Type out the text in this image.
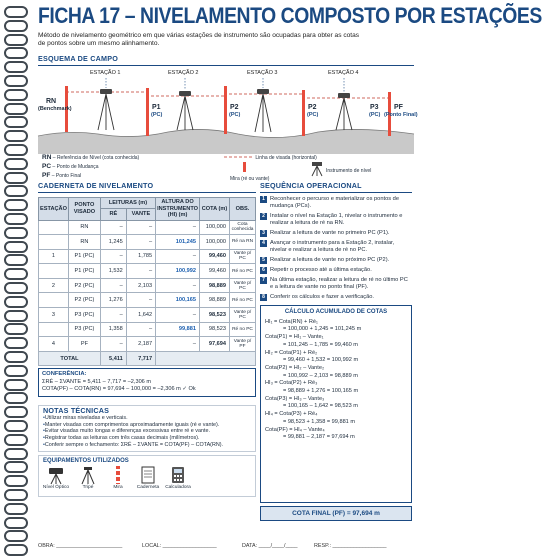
FICHA 17 – NIVELAMENTO COMPOSTO POR ESTAÇÕES
Método de nivelamento geométrico em que várias estações de instrumento são ocupadas para obter as cotas de pontos sobre um mesmo alinhamento.
ESQUEMA DE CAMPO
ESTAÇÃO 1	ESTAÇÃO 2	ESTAÇÃO 3	ESTAÇÃO 4
RN
(Benchmark)	P1
(PC)
P2
(PC)
P2
(PC)
P3
(PC)
PF
(Ponto Final)
RN – Referência de Nível (cota conhecida)
PC – Ponto de Mudança
PF – Ponto Final
Linha de visada (horizontal)
Mira (ré ou vante)
Instrumento de nível
CADERNETA DE NIVELAMENTO
ESTAÇÃO	PONTO VISADO	LEITURAS (m)		ALTURA DO INSTRUMENTO (HI) (m)	COTA (m)	OBS.
		RÉ	VANTE			
	RN	–	–	–	100,000	Cota conhecida
	RN	1,245	–	101,245	100,000	Ré na RN
1	P1 (PC)	–	1,785	–	99,460	Vante p/ PC
	P1 (PC)	1,532	–	100,992	99,460	Ré no PC
2	P2 (PC)	–	2,103	–	98,889	Vante p/ PC
	P2 (PC)	1,276	–	100,165	98,889	Ré no PC
3	P3 (PC)	–	1,642	–	98,523	Vante p/ PC
	P3 (PC)	1,358	–	99,881	98,523	Ré no PC
4	PF	–	2,187	–	97,694	Vante p/ PF
TOTAL		5,411	7,717			
CONFERÊNCIA:
ΣRÉ – ΣVANTE = 5,411 – 7,717 = –2,306 m
COTA(PF) – COTA(RN) = 97,694 – 100,000 = –2,306 m ✓ Ok
NOTAS TÉCNICAS
• Utilizar miras niveladas e verticais.
• Manter visadas com comprimentos aproximadamente iguais (ré e vante).
• Evitar visadas muito longas e diferenças excessivas entre ré e vante.
• Registrar todas as leituras com três casas decimais (milímetros).
• Conferir sempre o fechamento: ΣRÉ – ΣVANTE = COTA(PF) – COTA(RN).
EQUIPAMENTOS UTILIZADOS
Nível Óptico	Tripé	Mira	Caderneta	Calculadora
SEQUÊNCIA OPERACIONAL
1 Reconhecer o percurso e materializar os pontos de mudança (PCs).
2 Instalar o nível na Estação 1, nivelar o instrumento e realizar a leitura de ré na RN.
3 Realizar a leitura de vante no primeiro PC (P1).
4 Avançar o instrumento para a Estação 2, instalar, nivelar e realizar a leitura de ré no PC.
5 Realizar a leitura de vante no próximo PC (P2).
6 Repetir o processo até a última estação.
7 Na última estação, realizar a leitura de ré no último PC e a leitura de vante no ponto final (PF).
8 Conferir os cálculos e fazer a verificação.
CÁLCULO ACUMULADO DE COTAS
HI₁ = Cota(RN) + Ré₁
= 100,000 + 1,245 = 101,245 m
Cota(P1) = HI₁ – Vante₁
= 101,245 – 1,785 = 99,460 m
HI₂ = Cota(P1) + Ré₂
= 99,460 + 1,532 = 100,992 m
Cota(P2) = HI₂ – Vante₂
= 100,992 – 2,103 = 98,889 m
HI₃ = Cota(P2) + Ré₃
= 98,889 + 1,276 = 100,165 m
Cota(P3) = HI₃ – Vante₃
= 100,165 – 1,642 = 98,523 m
HI₄ = Cota(P3) + Ré₄
= 98,523 + 1,358 = 99,881 m
Cota(PF) = HI₄ – Vante₄
= 99,881 – 2,187 = 97,694 m
COTA FINAL (PF) = 97,694 m
OBRA: ______________________	LOCAL: __________________	DATA: ____/____/____	RESP.: __________________
